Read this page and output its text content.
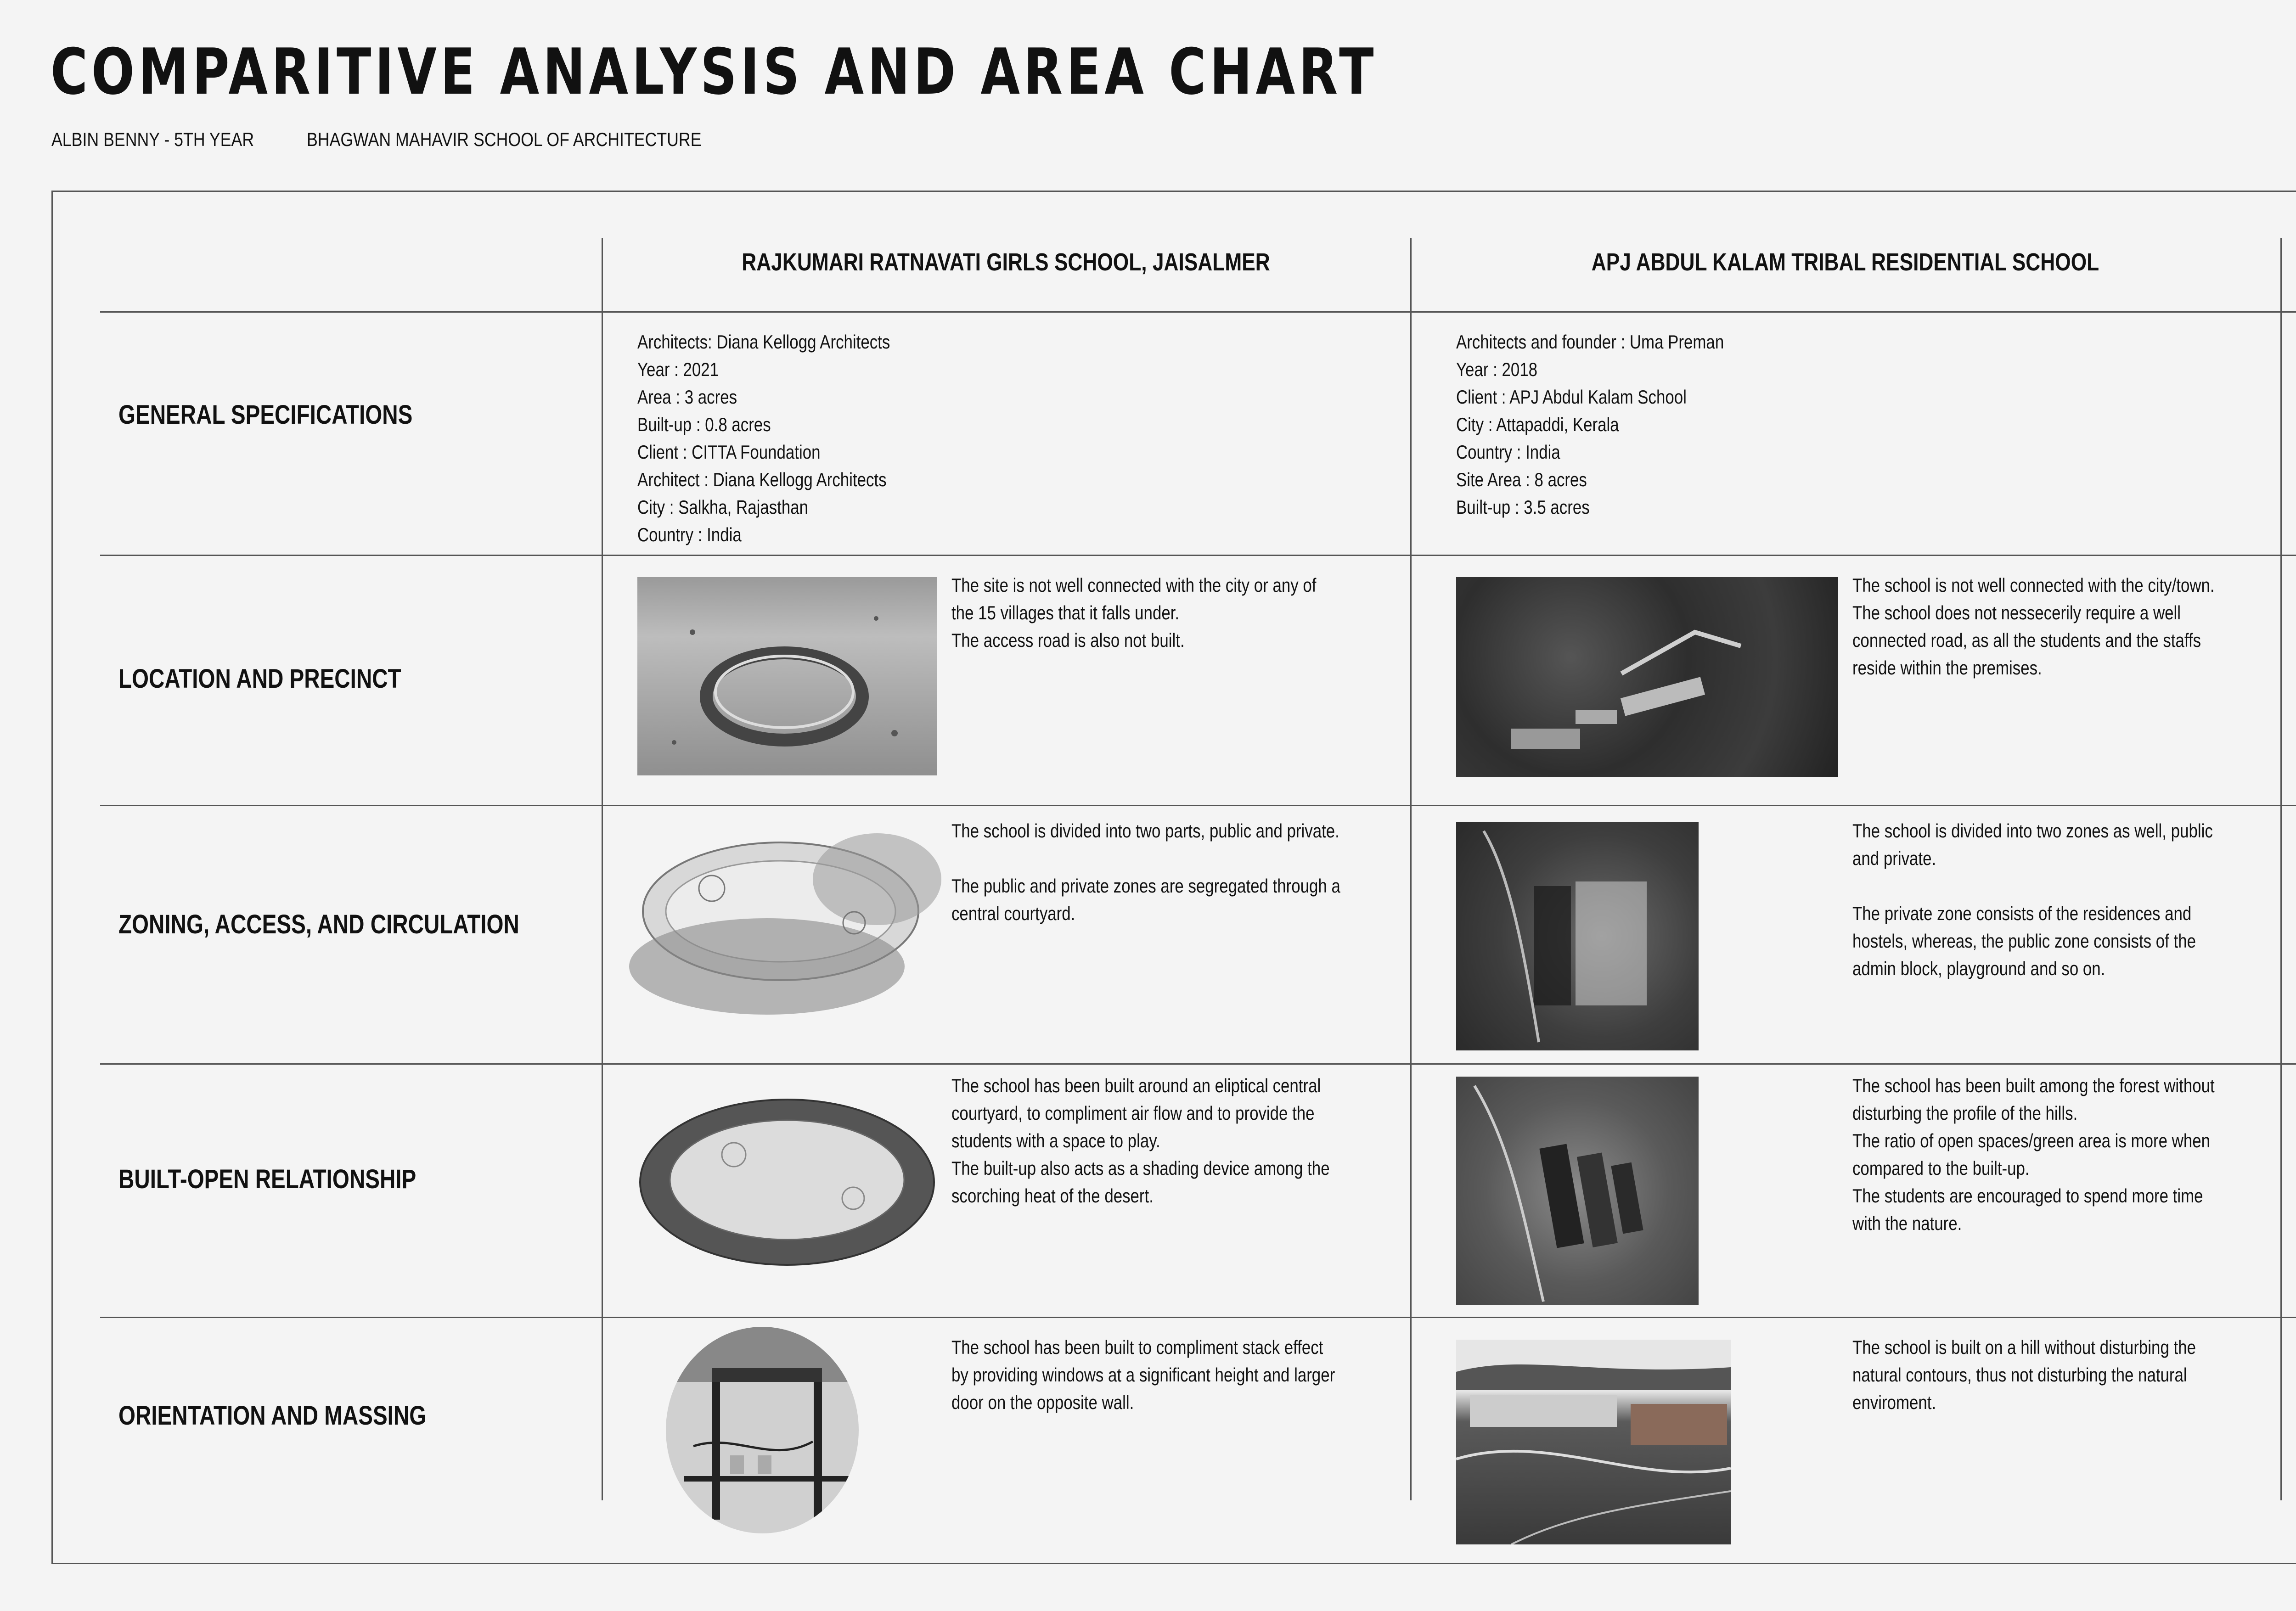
COMPARITIVE ANALYSIS AND AREA CHART
ALBIN BENNY - 5TH YEAR	BHAGWAN MAHAVIR SCHOOL OF ARCHITECTURE
RAJKUMARI RATNAVATI GIRLS SCHOOL, JAISALMER	APJ ABDUL KALAM TRIBAL RESIDENTIAL SCHOOL
GENERAL SPECIFICATIONS
LOCATION AND PRECINCT
ZONING, ACCESS, AND CIRCULATION
BUILT-OPEN RELATIONSHIP
ORIENTATION AND MASSING

Architects: Diana Kellogg Architects

Year : 2021

Area : 3 acres

Built-up : 0.8 acres

Client : CITTA Foundation

Architect : Diana Kellogg Architects

City : Salkha, Rajasthan

Country : India

Architects and founder : Uma Preman

Year : 2018

Client : APJ Abdul Kalam School

City : Attapaddi, Kerala

Country : India

Site Area : 8 acres

Built-up : 3.5 acres

The site is not well connected with the city or any of

the 15 villages that it falls under.

The access road is also not built.

The school is not well connected with the city/town.

The school does not nessecerily require a well

connected road, as all the students and the staffs

reside within the premises.

The school is divided into two parts, public and private.

The public and private zones are segregated through a

central courtyard.

The school is divided into two zones as well, public

and private.

The private zone consists of the residences and

hostels, whereas, the public zone consists of the

admin block, playground and so on.

The school has been built around an eliptical central

courtyard, to compliment air flow and to provide the

students with a space to play.

The built-up also acts as a shading device among the

scorching heat of the desert.

The school has been built among the forest without

disturbing the profile of the hills.

The ratio of open spaces/green area is more when

compared to the built-up.

The students are encouraged to spend more time

with the nature.

The school has been built to compliment stack effect

by providing windows at a significant height and larger

door on the opposite wall.

The school is built on a hill without disturbing the

natural contours, thus not disturbing the natural

enviroment.
